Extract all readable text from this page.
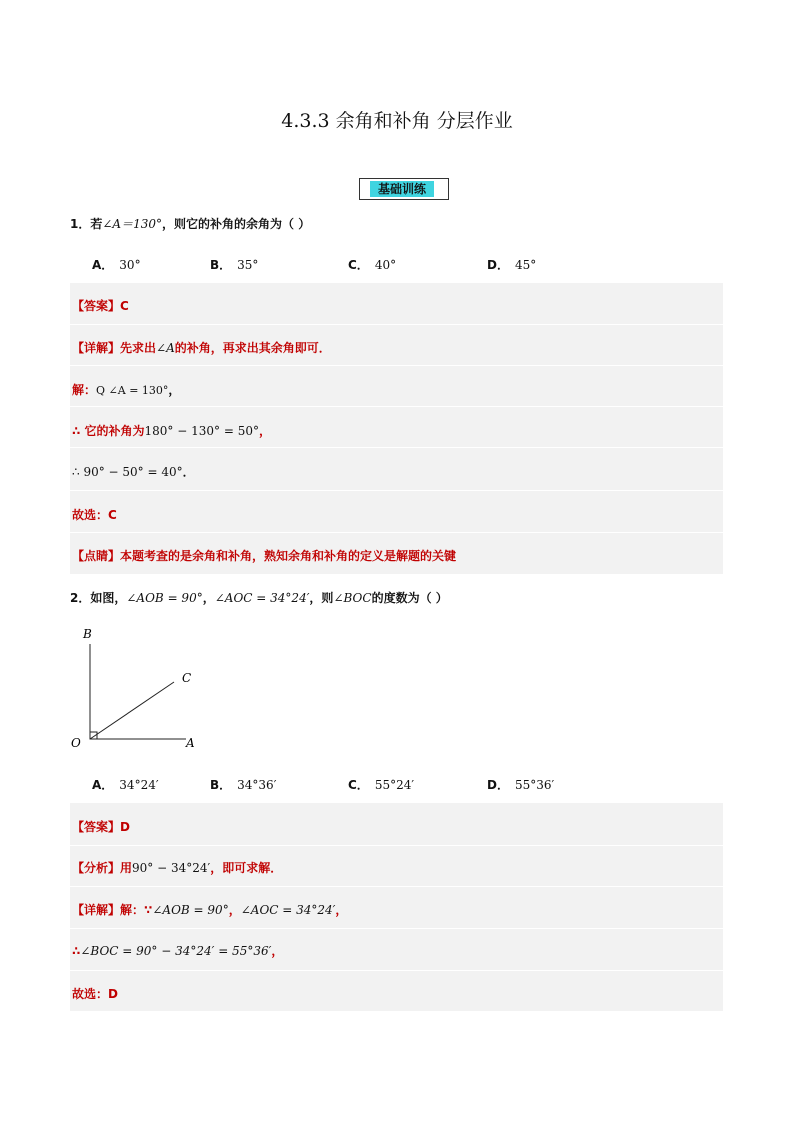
4.3.3 余角和补角 分层作业
基础训练
1．若∠A＝130°，则它的补角的余角为（ ）
A． 30°	B． 35°	C． 40°	D． 45°
【答案】C
【详解】先求出∠A的补角，再求出其余角即可．
解：Q ∠A = 130°，
∴ 它的补角为180° − 130° = 50°，
∴ 90° − 50° = 40°．
故选：C
【点睛】本题考查的是余角和补角，熟知余角和补角的定义是解题的关键
2．如图，∠AOB = 90°，∠AOC = 34°24′，则∠BOC的度数为（ ）
B
C
O	A
A． 34°24′	B． 34°36′	C． 55°24′	D． 55°36′
【答案】D
【分析】用90° − 34°24′，即可求解．
【详解】解：∵∠AOB = 90°，∠AOC = 34°24′，
∴∠BOC = 90° − 34°24′ = 55°36′，
故选：D
